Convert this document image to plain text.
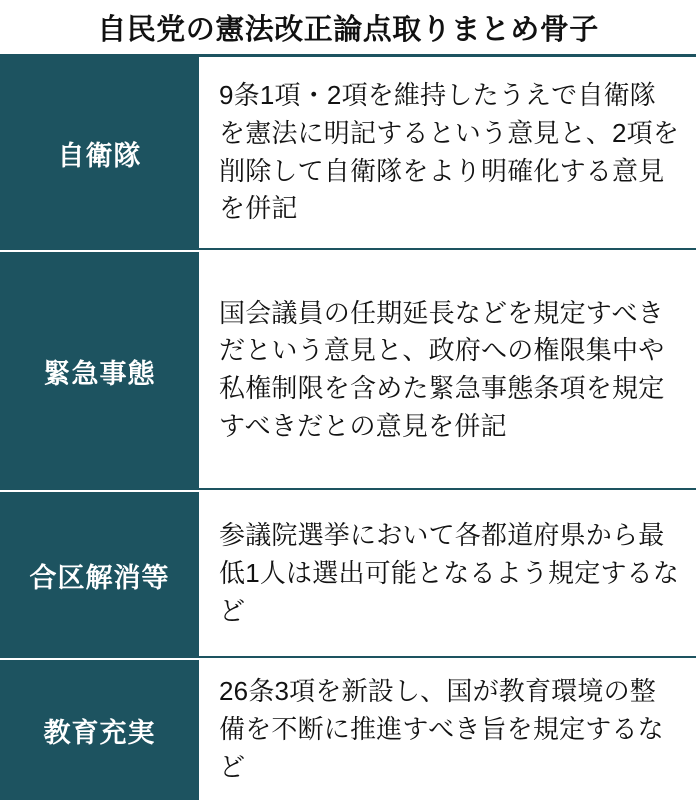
自民党の憲法改正論点取りまとめ骨子
自衛隊
9条1項・2項を維持したうえで自衛隊を憲法に明記するという意見と、2項を削除して自衛隊をより明確化する意見を併記
緊急事態
国会議員の任期延長などを規定すべきだという意見と、政府への権限集中や私権制限を含めた緊急事態条項を規定すべきだとの意見を併記
合区解消等
参議院選挙において各都道府県から最低1人は選出可能となるよう規定するなど
教育充実
26条3項を新設し、国が教育環境の整備を不断に推進すべき旨を規定するなど
